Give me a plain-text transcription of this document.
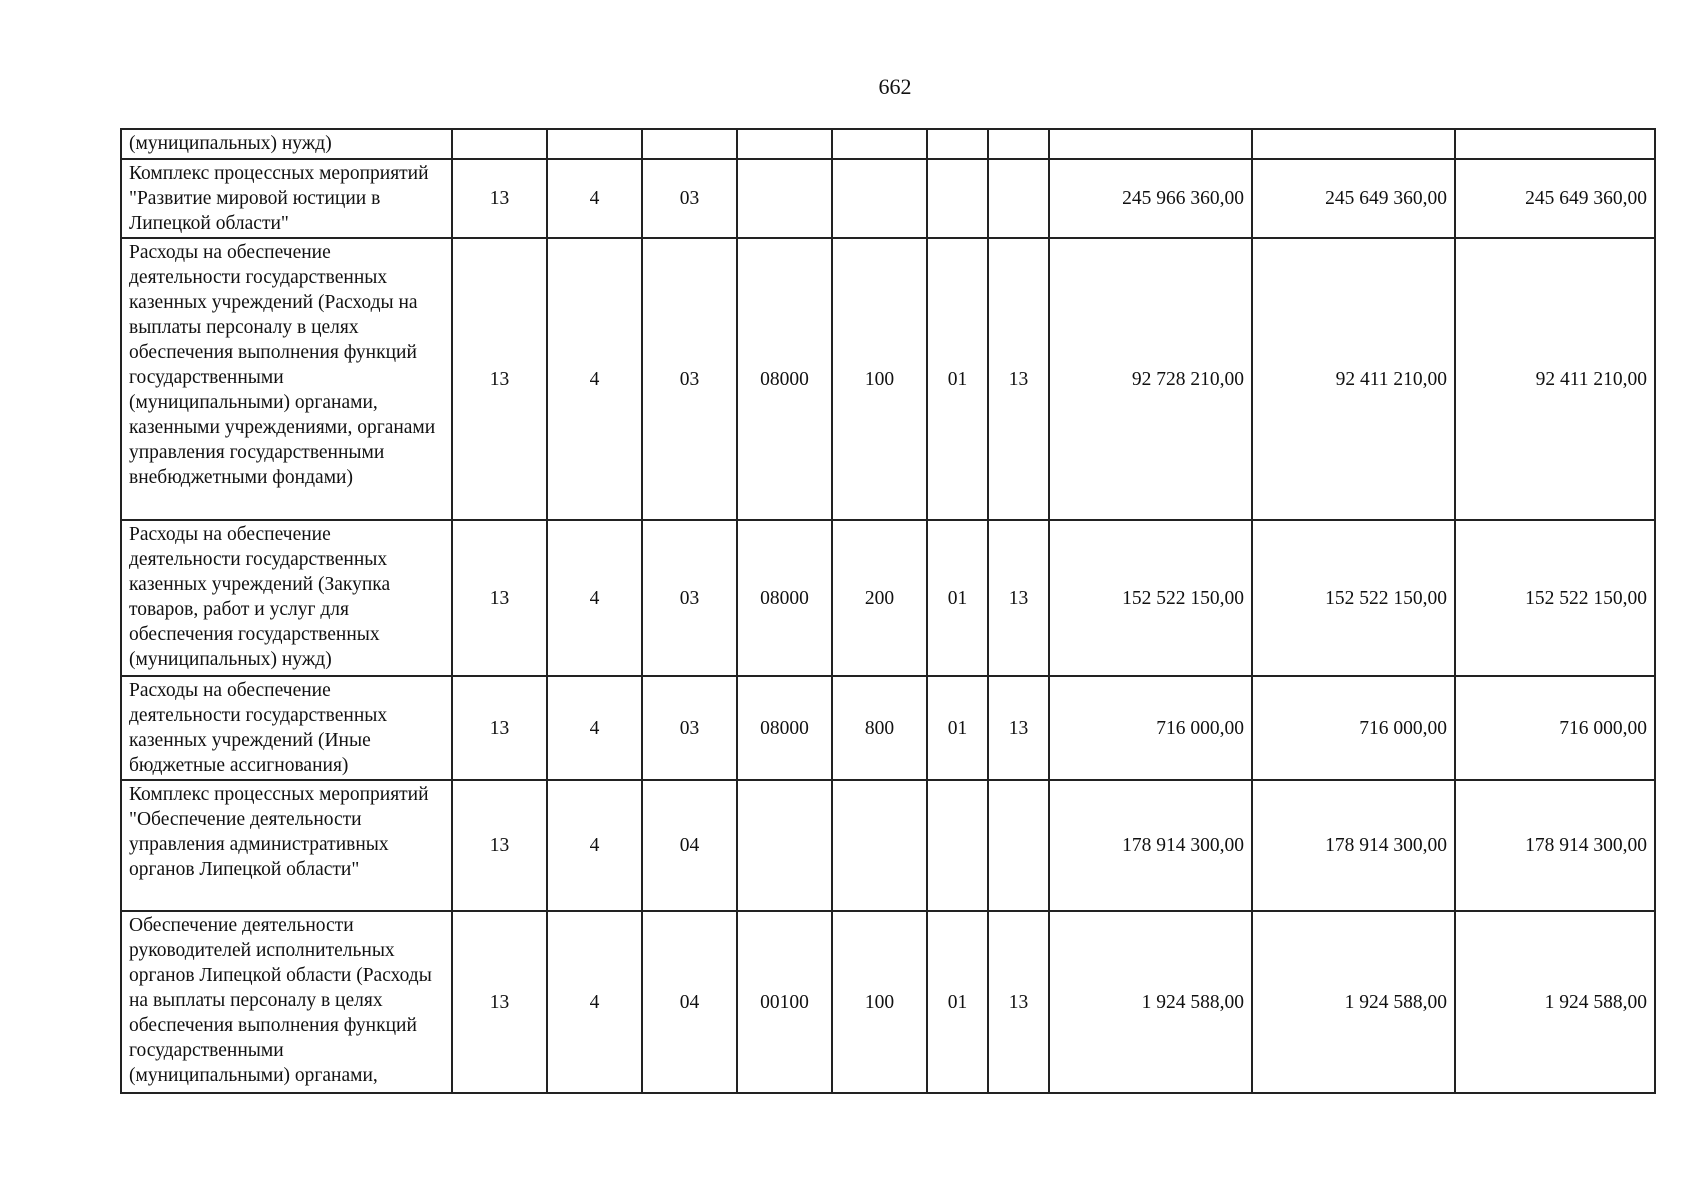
662
(муниципальных) нужд)										
Комплекс процессных мероприятий "Развитие мировой юстиции в Липецкой области"	13	4	03					245 966 360,00	245 649 360,00	245 649 360,00
Расходы на обеспечение деятельности государственных казенных учреждений (Расходы на выплаты персоналу в целях обеспечения выполнения функций государственными (муниципальными) органами, казенными учреждениями, органами управления государственными внебюджетными фондами)	13	4	03	08000	100	01	13	92 728 210,00	92 411 210,00	92 411 210,00
Расходы на обеспечение деятельности государственных казенных учреждений (Закупка товаров, работ и услуг для обеспечения государственных (муниципальных) нужд)	13	4	03	08000	200	01	13	152 522 150,00	152 522 150,00	152 522 150,00
Расходы на обеспечение деятельности государственных казенных учреждений (Иные бюджетные ассигнования)	13	4	03	08000	800	01	13	716 000,00	716 000,00	716 000,00
Комплекс процессных мероприятий "Обеспечение деятельности управления административных органов Липецкой области"	13	4	04					178 914 300,00	178 914 300,00	178 914 300,00
Обеспечение деятельности руководителей исполнительных органов Липецкой области (Расходы на выплаты персоналу в целях обеспечения выполнения функций государственными (муниципальными) органами,	13	4	04	00100	100	01	13	1 924 588,00	1 924 588,00	1 924 588,00
